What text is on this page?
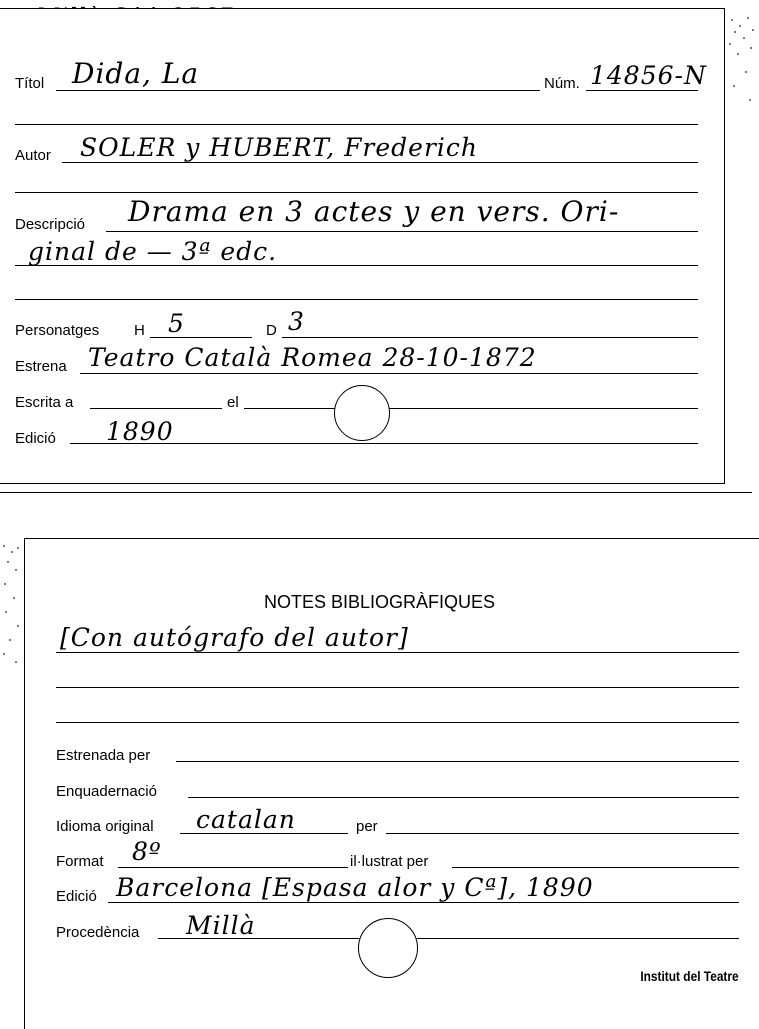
Títol Dida, La	Núm. 14856-N
Autor SOLER y HUBERT, Frederich
Descripció Drama en 3 actes y en vers. Ori-
ginal de — 3ª edc.
Personatges H 5	D 3
Estrena Teatro Català Romea 28-10-1872
Escrita a	el
Edició 1890
NOTES BIBLIOGRÀFIQUES
[Con autógrafo del autor]
Estrenada per
Enquadernació
Idioma original catalan	per
Format 8º	il·lustrat per
Edició Barcelona [Espasa alor y Cª], 1890
Procedència Millà
Institut del Teatre
